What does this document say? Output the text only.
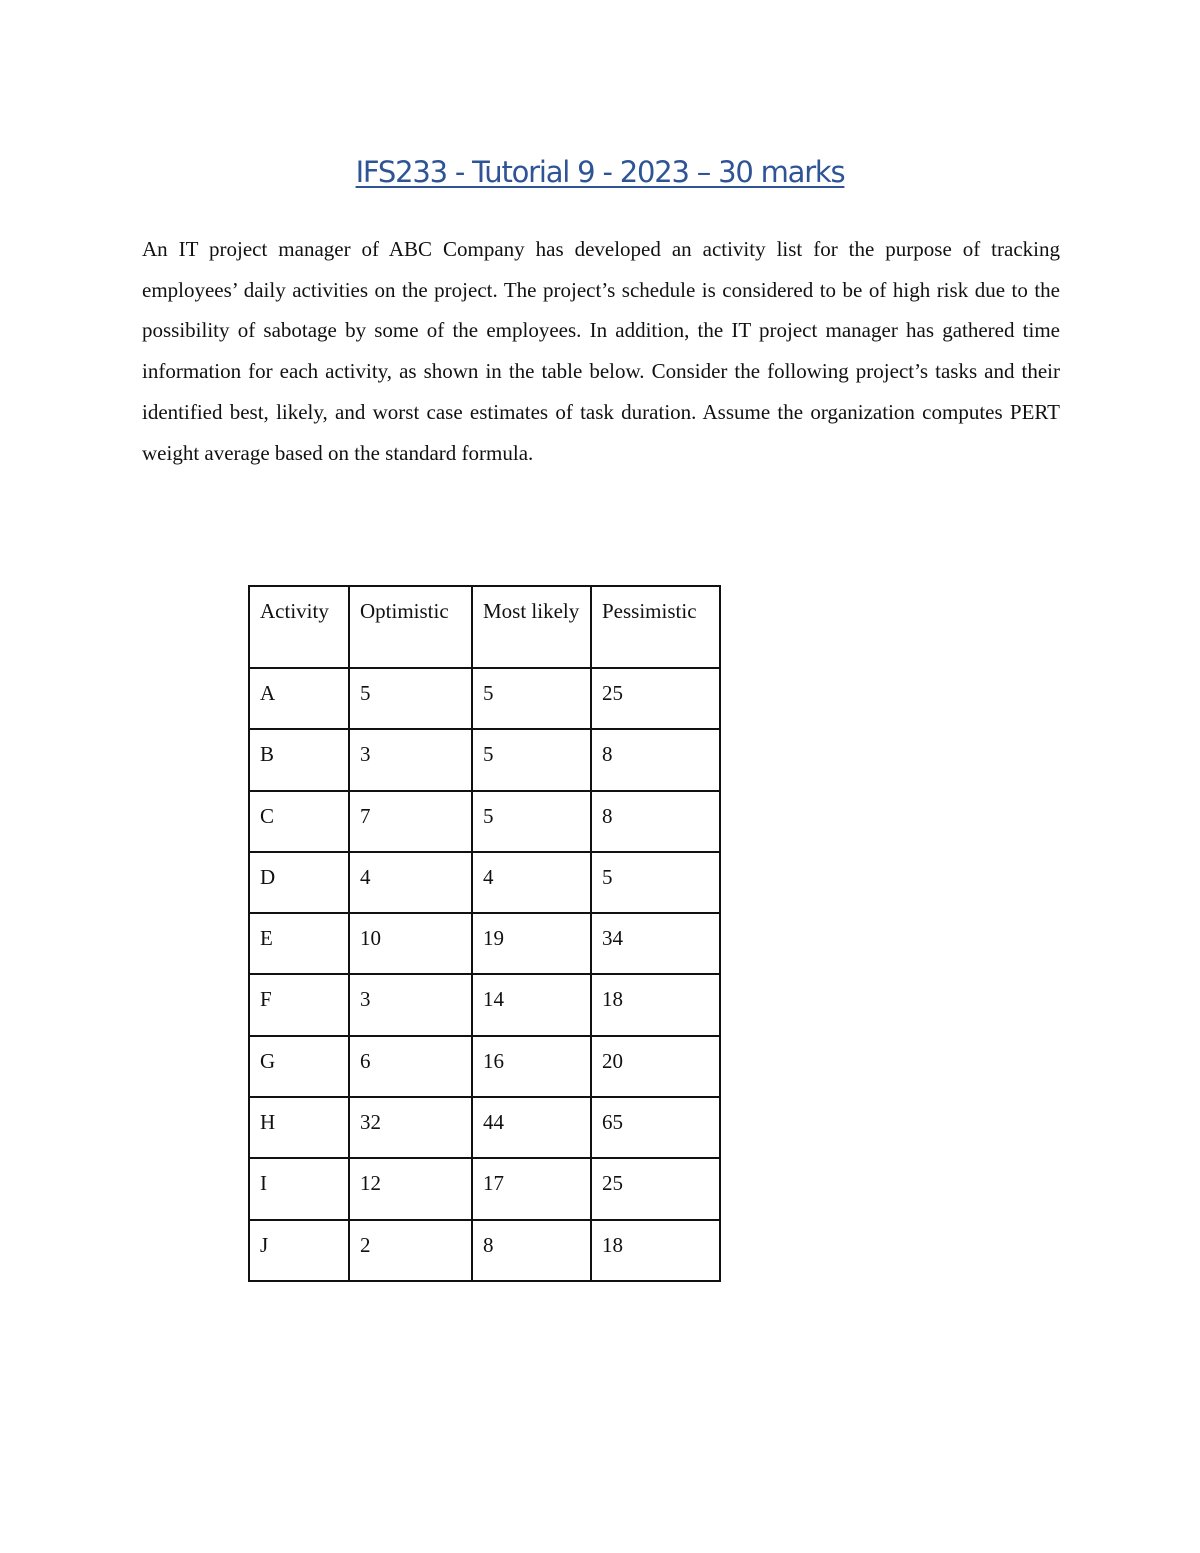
IFS233 - Tutorial 9 - 2023 – 30 marks

An IT project manager of ABC Company has developed an activity list for the purpose of tracking employees’ daily activities on the project. The project’s schedule is considered to be of high risk due to the possibility of sabotage by some of the employees. In addition, the IT project manager has gathered time information for each activity, as shown in the table below. Consider the following project’s tasks and their identified best, likely, and worst case estimates of task duration. Assume the organization computes PERT weight average based on the standard formula.

Activity	Optimistic	Most likely	Pessimistic
A	5	5	25
B	3	5	8
C	7	5	8
D	4	4	5
E	10	19	34
F	3	14	18
G	6	16	20
H	32	44	65
I	12	17	25
J	2	8	18
